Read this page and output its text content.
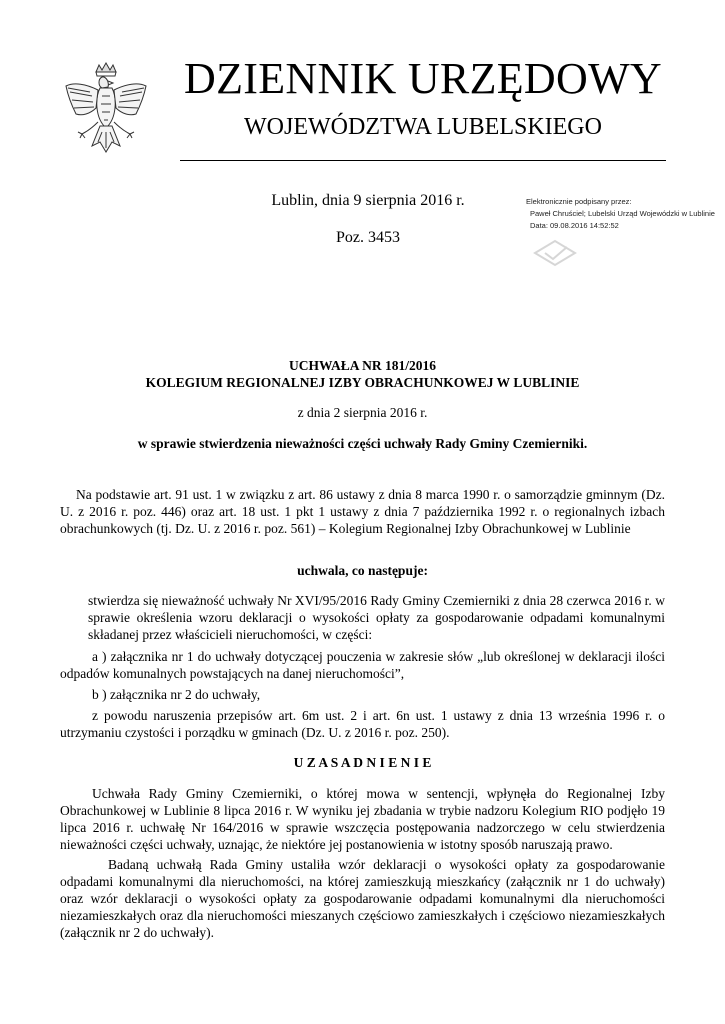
DZIENNIK URZĘDOWY
WOJEWÓDZTWA LUBELSKIEGO
Lublin, dnia 9 sierpnia 2016 r.
Poz. 3453
Elektronicznie podpisany przez:
Paweł Chruściel; Lubelski Urząd Wojewódzki w Lublinie
Data: 09.08.2016 14:52:52
UCHWAŁA NR 181/2016
KOLEGIUM REGIONALNEJ IZBY OBRACHUNKOWEJ W LUBLINIE
z dnia 2 sierpnia 2016 r.
w sprawie stwierdzenia nieważności części uchwały Rady Gminy Czemierniki.

Na podstawie art. 91 ust. 1 w związku z art. 86 ustawy z dnia 8 marca 1990 r. o samorządzie gminnym (Dz. U. z 2016 r. poz. 446) oraz art. 18 ust. 1 pkt 1 ustawy z dnia 7 października 1992 r. o regionalnych izbach obrachunkowych (tj. Dz. U. z 2016 r. poz. 561) – Kolegium Regionalnej Izby Obrachunkowej w Lublinie

uchwala, co następuje:

stwierdza się nieważność uchwały Nr XVI/95/2016 Rady Gminy Czemierniki z dnia 28 czerwca 2016 r. w sprawie określenia wzoru deklaracji o wysokości opłaty za gospodarowanie odpadami komunalnymi składanej przez właścicieli nieruchomości, w części:

a ) załącznika nr 1 do uchwały dotyczącej pouczenia w zakresie słów „lub określonej w deklaracji ilości odpadów komunalnych powstających na danej nieruchomości”,

b ) załącznika nr 2 do uchwały,

z powodu naruszenia przepisów art. 6m ust. 2 i art. 6n ust. 1 ustawy z dnia 13 września 1996 r. o utrzymaniu czystości i porządku w gminach (Dz. U. z 2016 r. poz. 250).

U Z A S A D N I E N I E

Uchwała Rady Gminy Czemierniki, o której mowa w sentencji, wpłynęła do Regionalnej Izby Obrachunkowej w Lublinie 8 lipca 2016 r. W wyniku jej zbadania w trybie nadzoru Kolegium RIO podjęło 19 lipca 2016 r. uchwałę Nr 164/2016 w sprawie wszczęcia postępowania nadzorczego w celu stwierdzenia nieważności części uchwały, uznając, że niektóre jej postanowienia w istotny sposób naruszają prawo.

Badaną uchwałą Rada Gminy ustaliła wzór deklaracji o wysokości opłaty za gospodarowanie odpadami komunalnymi dla nieruchomości, na której zamieszkują mieszkańcy (załącznik nr 1 do uchwały) oraz wzór deklaracji o wysokości opłaty za gospodarowanie odpadami komunalnymi dla nieruchomości niezamieszkałych oraz dla nieruchomości mieszanych częściowo zamieszkałych i częściowo niezamieszkałych (załącznik nr 2 do uchwały).
